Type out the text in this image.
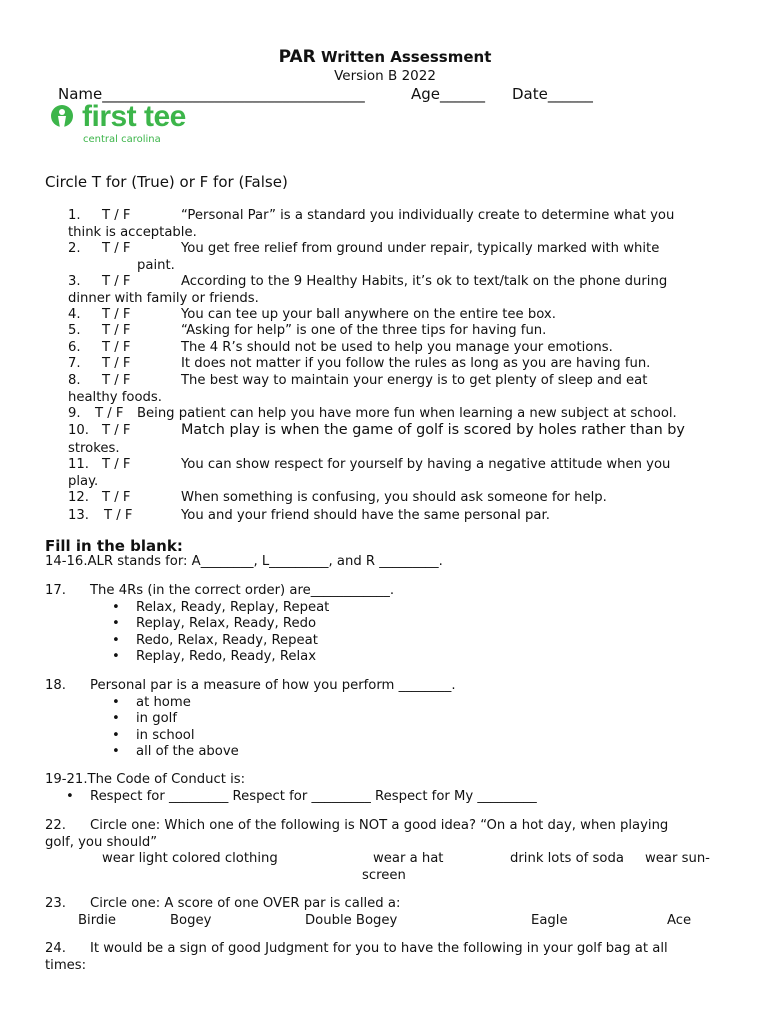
PAR Written Assessment
Version B 2022
Name___________________________________	Age______ Date______
first tee
central carolina
Circle T for (True) or F for (False)
1. T / F	“Personal Par” is a standard you individually create to determine what you
think is acceptable.
2. T / F	You get free relief from ground under repair, typically marked with white
paint.
3. T / F	According to the 9 Healthy Habits, it’s ok to text/talk on the phone during
dinner with family or friends.
4. T / F	You can tee up your ball anywhere on the entire tee box.
5. T / F	“Asking for help” is one of the three tips for having fun.
6. T / F	The 4 R’s should not be used to help you manage your emotions.
7. T / F	It does not matter if you follow the rules as long as you are having fun.
8. T / F	The best way to maintain your energy is to get plenty of sleep and eat
healthy foods.
9. T / F Being patient can help you have more fun when learning a new subject at school.
10. T / F	Match play is when the game of golf is scored by holes rather than by
strokes.
11. T / F	You can show respect for yourself by having a negative attitude when you
play.
12. T / F	When something is confusing, you should ask someone for help.
13. T / F	You and your friend should have the same personal par.
Fill in the blank:
14-16.ALR stands for: A________, L_________, and R _________.
17. The 4Rs (in the correct order) are____________.
• Relax, Ready, Replay, Repeat
• Replay, Relax, Ready, Redo
• Redo, Relax, Ready, Repeat
• Replay, Redo, Ready, Relax
18. Personal par is a measure of how you perform ________.
• at home
• in golf
• in school
• all of the above
19-21.The Code of Conduct is:
• Respect for _________ Respect for _________ Respect for My _________
22. Circle one: Which one of the following is NOT a good idea? “On a hot day, when playing
golf, you should”
wear light colored clothing	wear a hat
screen
drink lots of soda wear sun-
23. Circle one: A score of one OVER par is called a:
Birdie	Bogey	Double Bogey	Eagle	Ace
24. It would be a sign of good Judgment for you to have the following in your golf bag at all
times:
